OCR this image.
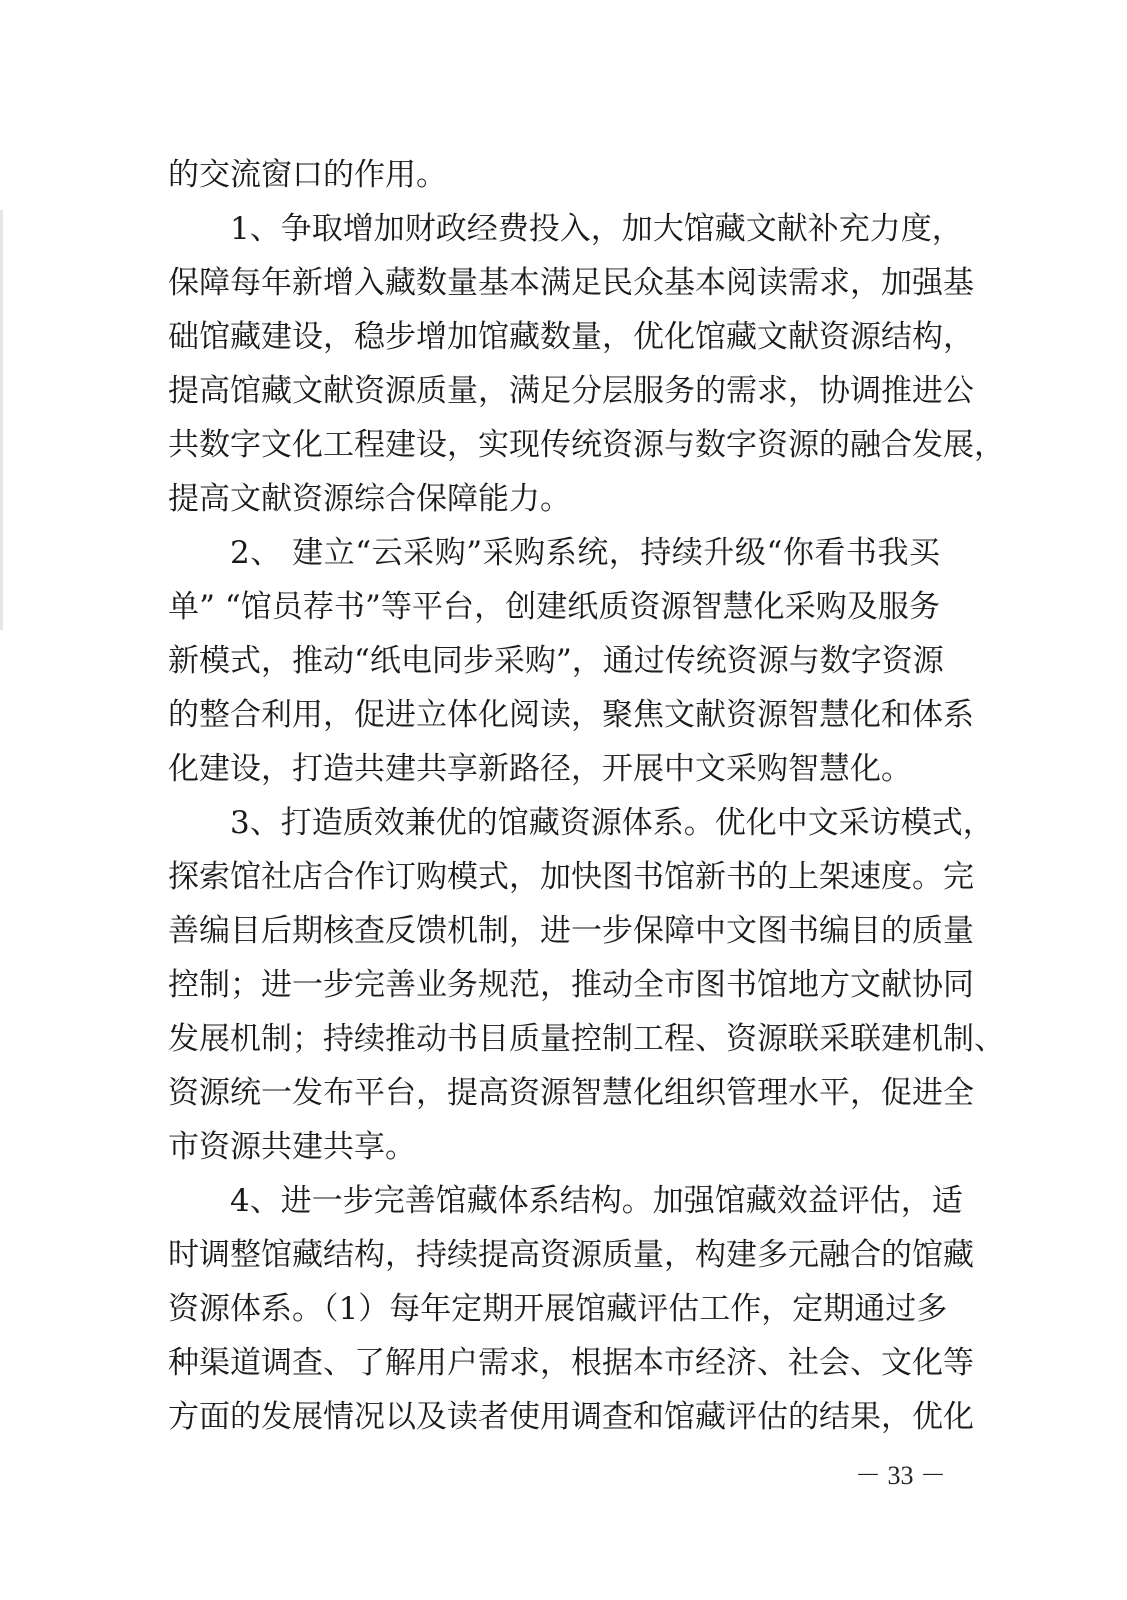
的交流窗口的作用。
1、争取增加财政经费投入，加大馆藏文献补充力度，
保障每年新增入藏数量基本满足民众基本阅读需求，加强基
础馆藏建设，稳步增加馆藏数量，优化馆藏文献资源结构，
提高馆藏文献资源质量，满足分层服务的需求，协调推进公
共数字文化工程建设，实现传统资源与数字资源的融合发展，
提高文献资源综合保障能力。
2、 建立“云采购”采购系统，持续升级“你看书我买
单” “馆员荐书”等平台，创建纸质资源智慧化采购及服务
新模式，推动“纸电同步采购”，通过传统资源与数字资源
的整合利用，促进立体化阅读，聚焦文献资源智慧化和体系
化建设，打造共建共享新路径，开展中文采购智慧化。
3、打造质效兼优的馆藏资源体系。优化中文采访模式，
探索馆社店合作订购模式，加快图书馆新书的上架速度。完
善编目后期核查反馈机制，进一步保障中文图书编目的质量
控制；进一步完善业务规范，推动全市图书馆地方文献协同
发展机制；持续推动书目质量控制工程、资源联采联建机制、
资源统一发布平台，提高资源智慧化组织管理水平，促进全
市资源共建共享。
4、进一步完善馆藏体系结构。加强馆藏效益评估，适
时调整馆藏结构，持续提高资源质量，构建多元融合的馆藏
资源体系。（1）每年定期开展馆藏评估工作，定期通过多
种渠道调查、了解用户需求，根据本市经济、社会、文化等
方面的发展情况以及读者使用调查和馆藏评估的结果，优化
－ 33 －
